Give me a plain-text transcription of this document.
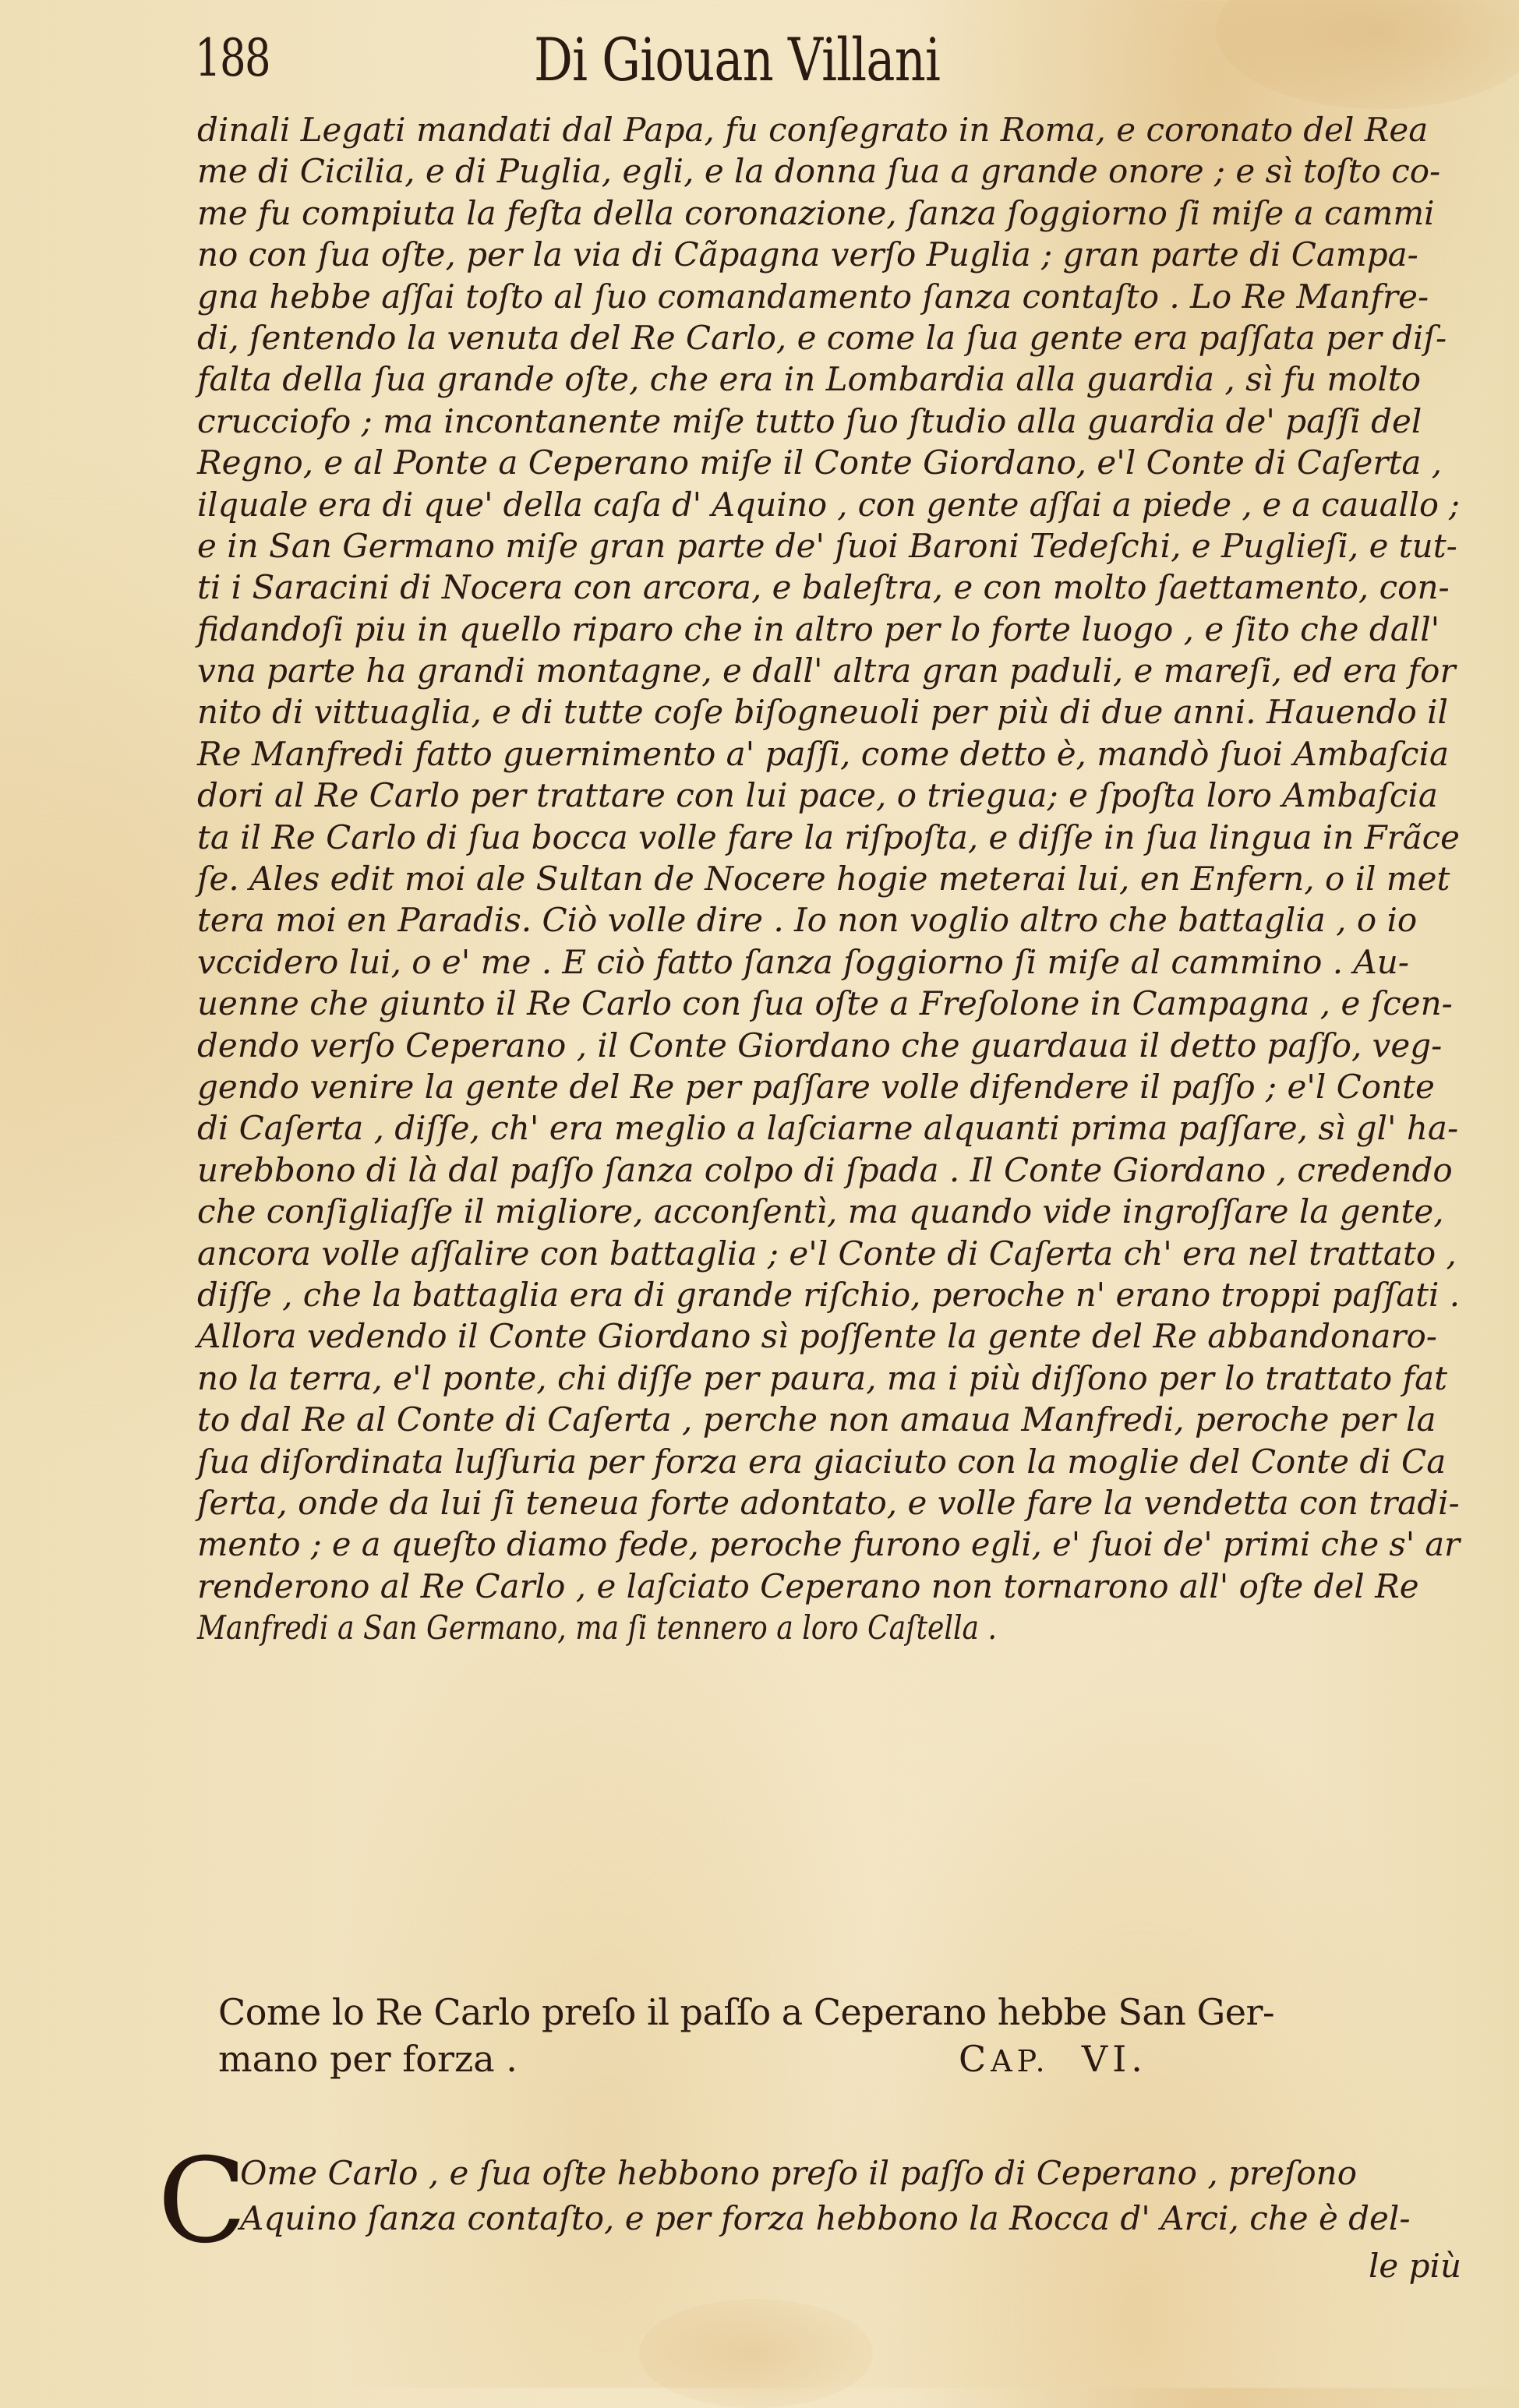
188	Di Giouan Villani
dinali Legati mandati dal Papa, fu conſegrato in Roma, e coronato del Rea
me di Cicilia, e di Puglia, egli, e la donna ſua a grande onore ; e sì toſto co-
me fu compiuta la feſta della coronazione, ſanza ſoggiorno ſi miſe a cammi
no con ſua oſte, per la via di Cãpagna verſo Puglia ; gran parte di Campa-
gna hebbe aſſai toſto al ſuo comandamento ſanza contaſto . Lo Re Manfre-
di, ſentendo la venuta del Re Carlo, e come la ſua gente era paſſata per diſ-
falta della ſua grande oſte, che era in Lombardia alla guardia , sì fu molto
crucciofo ; ma incontanente miſe tutto ſuo ſtudio alla guardia de' paſſi del
Regno, e al Ponte a Ceperano miſe il Conte Giordano, e'l Conte di Caſerta ,
ilquale era di que' della caſa d' Aquino , con gente aſſai a piede , e a cauallo ;
e in San Germano miſe gran parte de' ſuoi Baroni Tedeſchi, e Puglieſi, e tut-
ti i Saracini di Nocera con arcora, e baleſtra, e con molto ſaettamento, con-
fidandoſi piu in quello riparo che in altro per lo forte luogo , e ſito che dall'
vna parte ha grandi montagne, e dall' altra gran paduli, e mareſi, ed era for
nito di vittuaglia, e di tutte coſe biſogneuoli per più di due anni. Hauendo il
Re Manfredi fatto guernimento a' paſſi, come detto è, mandò ſuoi Ambaſcia
dori al Re Carlo per trattare con lui pace, o triegua; e ſpoſta loro Ambaſcia
ta il Re Carlo di ſua bocca volle fare la riſpoſta, e diſſe in ſua lingua in Frãce
ſe. Ales edit moi ale Sultan de Nocere hogie meterai lui, en Enfern, o il met
tera moi en Paradis. Ciò volle dire . Io non voglio altro che battaglia , o io
vccidero lui, o e' me . E ciò fatto ſanza ſoggiorno ſi miſe al cammino . Au-
uenne che giunto il Re Carlo con ſua oſte a Freſolone in Campagna , e ſcen-
dendo verſo Ceperano , il Conte Giordano che guardaua il detto paſſo, veg-
gendo venire la gente del Re per paſſare volle difendere il paſſo ; e'l Conte
di Caſerta , diſſe, ch' era meglio a laſciarne alquanti prima paſſare, sì gl' ha-
urebbono di là dal paſſo ſanza colpo di ſpada . Il Conte Giordano , credendo
che conſigliaſſe il migliore, acconſentì, ma quando vide ingroſſare la gente,
ancora volle aſſalire con battaglia ; e'l Conte di Caſerta ch' era nel trattato ,
diſſe , che la battaglia era di grande riſchio, peroche n' erano troppi paſſati .
Allora vedendo il Conte Giordano sì poſſente la gente del Re abbandonaro-
no la terra, e'l ponte, chi diſſe per paura, ma i più diſſono per lo trattato fat
to dal Re al Conte di Caſerta , perche non amaua Manfredi, peroche per la
ſua diſordinata luſſuria per forza era giaciuto con la moglie del Conte di Ca
ſerta, onde da lui ſi teneua forte adontato, e volle fare la vendetta con tradi-
mento ; e a queſto diamo fede, peroche furono egli, e' ſuoi de' primi che s' ar
renderono al Re Carlo , e laſciato Ceperano non tornarono all' oſte del Re
Manfredi a San Germano, ma ſi tennero a loro Caſtella .
Come lo Re Carlo preſo il paſſo a Ceperano hebbe San Ger-
mano per forza .	CAP. VI.
C
Ome Carlo , e ſua oſte hebbono preſo il paſſo di Ceperano , preſono
Aquino ſanza contaſto, e per forza hebbono la Rocca d' Arci, che è del-
le più
